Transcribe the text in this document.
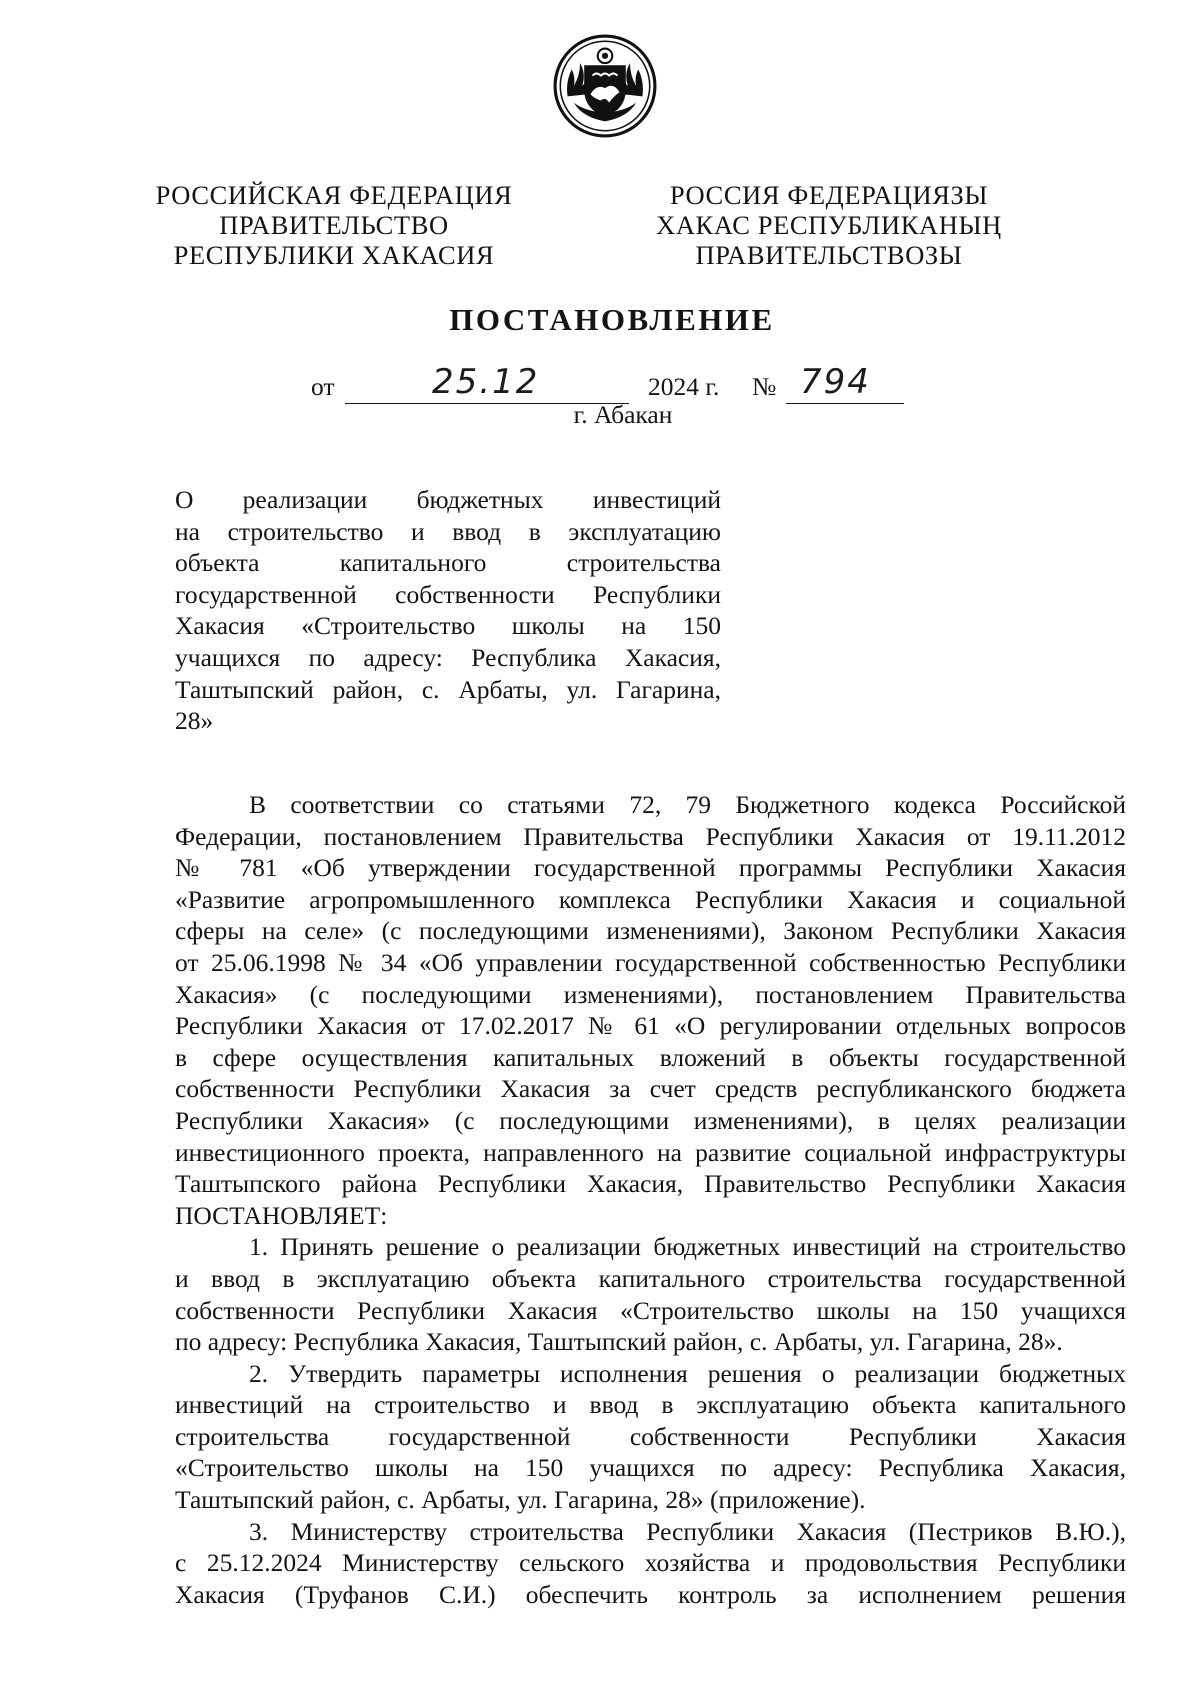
РОССИЙСКАЯ ФЕДЕРАЦИЯ
ПРАВИТЕЛЬСТВО
РЕСПУБЛИКИ ХАКАСИЯ
РОССИЯ ФЕДЕРАЦИЯЗЫ
ХАКАС РЕСПУБЛИКАНЫҢ
ПРАВИТЕЛЬСТВОЗЫ
ПОСТАНОВЛЕНИЕ
от	25.12	2024 г. № 794
г. Абакан
О реализации бюджетных инвестиций
на строительство и ввод в эксплуатацию
объекта капитального строительства
государственной собственности Республики
Хакасия «Строительство школы на 150
учащихся по адресу: Республика Хакасия,
Таштыпский район, с. Арбаты, ул. Гагарина,
28»
В соответствии со статьями 72, 79 Бюджетного кодекса Российской
Федерации, постановлением Правительства Республики Хакасия от 19.11.2012
№ 781 «Об утверждении государственной программы Республики Хакасия
«Развитие агропромышленного комплекса Республики Хакасия и социальной
сферы на селе» (с последующими изменениями), Законом Республики Хакасия
от 25.06.1998 № 34 «Об управлении государственной собственностью Республики
Хакасия» (с последующими изменениями), постановлением Правительства
Республики Хакасия от 17.02.2017 № 61 «О регулировании отдельных вопросов
в сфере осуществления капитальных вложений в объекты государственной
собственности Республики Хакасия за счет средств республиканского бюджета
Республики Хакасия» (с последующими изменениями), в целях реализации
инвестиционного проекта, направленного на развитие социальной инфраструктуры
Таштыпского района Республики Хакасия, Правительство Республики Хакасия
ПОСТАНОВЛЯЕТ:
1. Принять решение о реализации бюджетных инвестиций на строительство
и ввод в эксплуатацию объекта капитального строительства государственной
собственности Республики Хакасия «Строительство школы на 150 учащихся
по адресу: Республика Хакасия, Таштыпский район, с. Арбаты, ул. Гагарина, 28».
2. Утвердить параметры исполнения решения о реализации бюджетных
инвестиций на строительство и ввод в эксплуатацию объекта капитального
строительства государственной собственности Республики Хакасия
«Строительство школы на 150 учащихся по адресу: Республика Хакасия,
Таштыпский район, с. Арбаты, ул. Гагарина, 28» (приложение).
3. Министерству строительства Республики Хакасия (Пестриков В.Ю.),
с 25.12.2024 Министерству сельского хозяйства и продовольствия Республики
Хакасия (Труфанов С.И.) обеспечить контроль за исполнением решения
